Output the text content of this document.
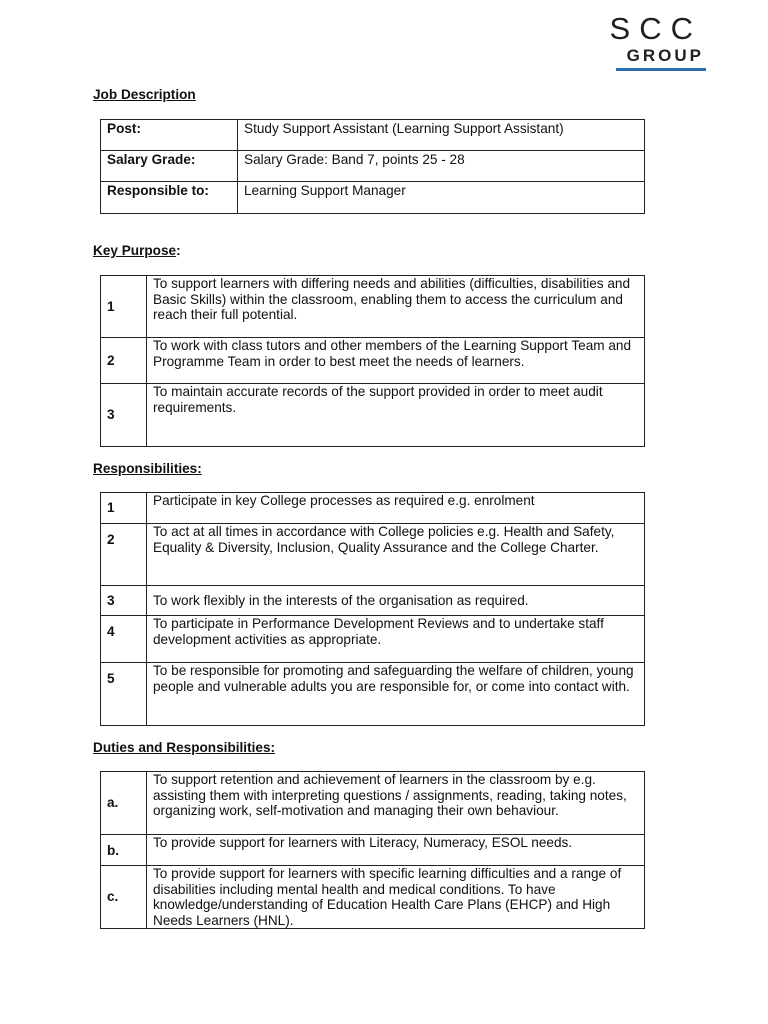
SCC
GROUP
Job Description
Post:	Study Support Assistant (Learning Support Assistant)
Salary Grade:	Salary Grade: Band 7, points 25 - 28
Responsible to:	Learning Support Manager
Key Purpose:
1	To support learners with differing needs and abilities (difficulties, disabilities and Basic Skills) within the classroom, enabling them to access the curriculum and reach their full potential.
2	To work with class tutors and other members of the Learning Support Team and Programme Team in order to best meet the needs of learners.
3	To maintain accurate records of the support provided in order to meet audit requirements.
Responsibilities:
1	Participate in key College processes as required e.g. enrolment
2	To act at all times in accordance with College policies e.g. Health and Safety, Equality & Diversity, Inclusion, Quality Assurance and the College Charter.
3	To work flexibly in the interests of the organisation as required.
4	To participate in Performance Development Reviews and to undertake staff development activities as appropriate.
5	To be responsible for promoting and safeguarding the welfare of children, young people and vulnerable adults you are responsible for, or come into contact with.
Duties and Responsibilities:
a.	To support retention and achievement of learners in the classroom by e.g. assisting them with interpreting questions / assignments, reading, taking notes, organizing work, self-motivation and managing their own behaviour.
b.	To provide support for learners with Literacy, Numeracy, ESOL needs.
c.	To provide support for learners with specific learning difficulties and a range of disabilities including mental health and medical conditions. To have knowledge/understanding of Education Health Care Plans (EHCP) and High Needs Learners (HNL).
